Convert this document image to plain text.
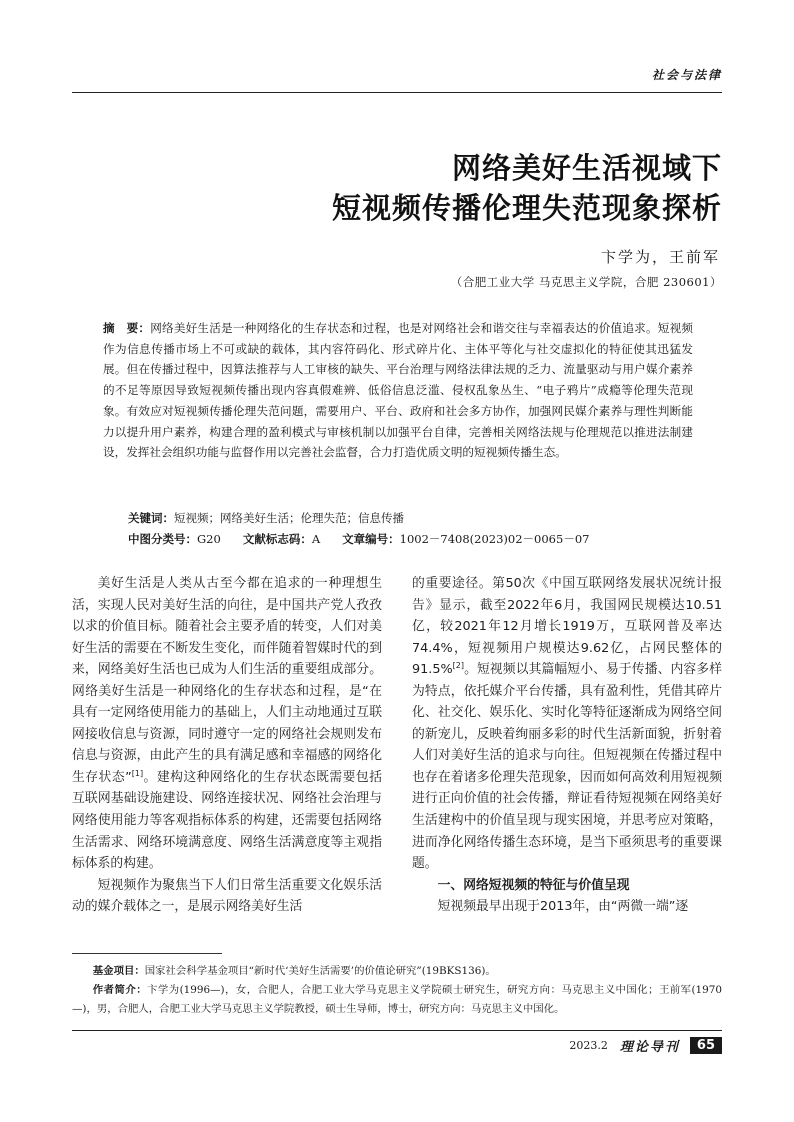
社会与法律
网络美好生活视域下
短视频传播伦理失范现象探析
卞学为，王前军
（合肥工业大学 马克思主义学院，合肥 230601）
摘　要：网络美好生活是一种网络化的生存状态和过程，也是对网络社会和谐交往与幸福表达的价值追求。短视频作为信息传播市场上不可或缺的载体，其内容符码化、形式碎片化、主体平等化与社交虚拟化的特征使其迅猛发展。但在传播过程中，因算法推荐与人工审核的缺失、平台治理与网络法律法规的乏力、流量驱动与用户媒介素养的不足等原因导致短视频传播出现内容真假难辨、低俗信息泛滥、侵权乱象丛生、“电子鸦片”成瘾等伦理失范现象。有效应对短视频传播伦理失范问题，需要用户、平台、政府和社会多方协作，加强网民媒介素养与理性判断能力以提升用户素养，构建合理的盈利模式与审核机制以加强平台自律，完善相关网络法规与伦理规范以推进法制建设，发挥社会组织功能与监督作用以完善社会监督，合力打造优质文明的短视频传播生态。
关键词：短视频；网络美好生活；伦理失范；信息传播
中图分类号：G20 文献标志码：A 文章编号：1002－7408(2023)02－0065－07

美好生活是人类从古至今都在追求的一种理想生活，实现人民对美好生活的向往，是中国共产党人孜孜以求的价值目标。随着社会主要矛盾的转变，人们对美好生活的需要在不断发生变化，而伴随着智媒时代的到来，网络美好生活也已成为人们生活的重要组成部分。网络美好生活是一种网络化的生存状态和过程，是“在具有一定网络使用能力的基础上，人们主动地通过互联网接收信息与资源，同时遵守一定的网络社会规则发布信息与资源，由此产生的具有满足感和幸福感的网络化生存状态”[1]。建构这种网络化的生存状态既需要包括互联网基础设施建设、网络连接状况、网络社会治理与网络使用能力等客观指标体系的构建，还需要包括网络生活需求、网络环境满意度、网络生活满意度等主观指标体系的构建。

短视频作为聚焦当下人们日常生活重要文化娱乐活动的媒介载体之一，是展示网络美好生活

的重要途径。第50次《中国互联网络发展状况统计报告》显示，截至2022年6月，我国网民规模达10.51亿，较2021年12月增长1919万，互联网普及率达74.4%，短视频用户规模达9.62亿，占网民整体的91.5%[2]。短视频以其篇幅短小、易于传播、内容多样为特点，依托媒介平台传播，具有盈利性，凭借其碎片化、社交化、娱乐化、实时化等特征逐渐成为网络空间的新宠儿，反映着绚丽多彩的时代生活新面貌，折射着人们对美好生活的追求与向往。但短视频在传播过程中也存在着诸多伦理失范现象，因而如何高效利用短视频进行正向价值的社会传播，辩证看待短视频在网络美好生活建构中的价值呈现与现实困境，并思考应对策略，进而净化网络传播生态环境，是当下亟须思考的重要课题。

一、网络短视频的特征与价值呈现

短视频最早出现于2013年，由“两微一端”逐

基金项目：国家社会科学基金项目“新时代‘美好生活需要’的价值论研究”(19BKS136)。
作者简介：卞学为(1996—)，女，合肥人，合肥工业大学马克思主义学院硕士研究生，研究方向：马克思主义中国化；王前军(1970—)，男，合肥人，合肥工业大学马克思主义学院教授，硕士生导师，博士，研究方向：马克思主义中国化。
2023.2 理论导刊	65
